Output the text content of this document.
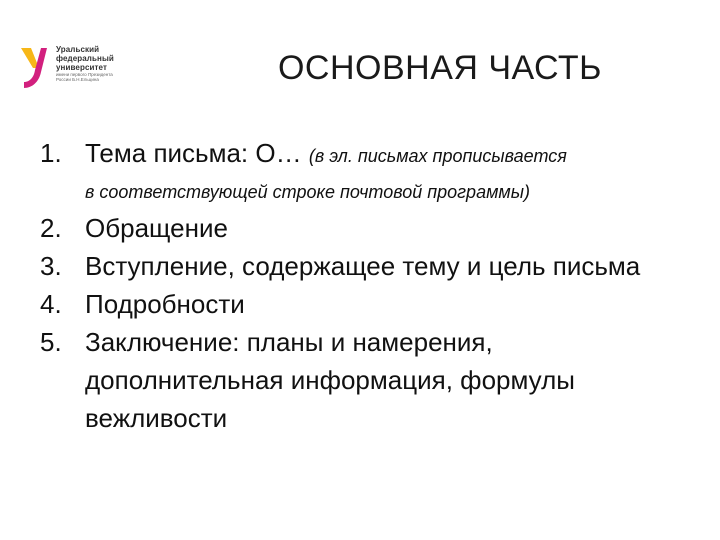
Уральский
федеральный
университет
имени первого Президента
России Б.Н.Ельцина	ОСНОВНАЯ ЧАСТЬ
1. Тема письма: О… (в эл. письмах прописывается
в соответствующей строке почтовой программы)
2. Обращение
3. Вступление, содержащее тему и цель письма
4. Подробности
5. Заключение: планы и намерения, дополнительная информация, формулы вежливости
